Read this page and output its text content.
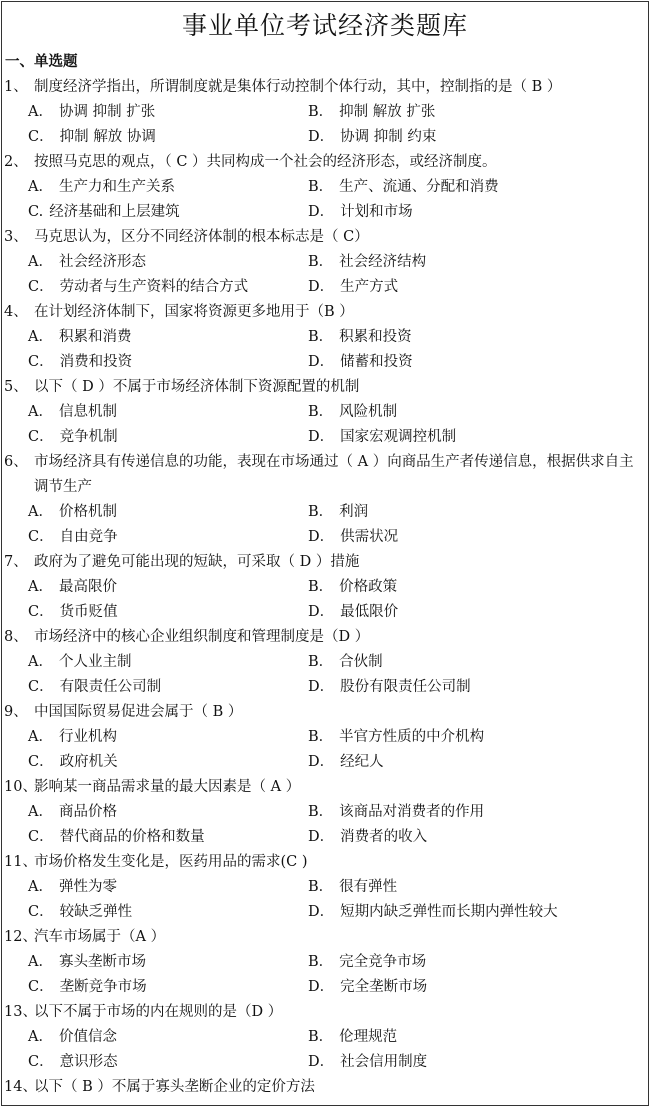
事业单位考试经济类题库
一、单选题
1、 制度经济学指出，所谓制度就是集体行动控制个体行动，其中，控制指的是（ B ）
A． 协调 抑制 扩张	B． 抑制 解放 扩张
C． 抑制 解放 协调	D． 协调 抑制 约束
2、 按照马克思的观点，（ C ）共同构成一个社会的经济形态，或经济制度。
A． 生产力和生产关系	B． 生产、流通、分配和消费
C. 经济基础和上层建筑	D． 计划和市场
3、 马克思认为，区分不同经济体制的根本标志是（ C）
A． 社会经济形态	B． 社会经济结构
C． 劳动者与生产资料的结合方式	D． 生产方式
4、 在计划经济体制下，国家将资源更多地用于（B ）
A． 积累和消费	B． 积累和投资
C． 消费和投资	D． 储蓄和投资
5、 以下（ D ）不属于市场经济体制下资源配置的机制
A． 信息机制	B． 风险机制
C． 竞争机制	D． 国家宏观调控机制
6、 市场经济具有传递信息的功能，表现在市场通过（ A ）向商品生产者传递信息，根据供求自主调节生产
A． 价格机制	B． 利润
C． 自由竞争	D． 供需状况
7、 政府为了避免可能出现的短缺，可采取（ D ）措施
A． 最高限价	B． 价格政策
C． 货币贬值	D． 最低限价
8、 市场经济中的核心企业组织制度和管理制度是（D ）
A． 个人业主制	B． 合伙制
C． 有限责任公司制	D． 股份有限责任公司制
9、 中国国际贸易促进会属于（ B ）
A． 行业机构	B． 半官方性质的中介机构
C． 政府机关	D． 经纪人
10、
影响某一商品需求量的最大因素是（ A ）
A． 商品价格	B． 该商品对消费者的作用
C． 替代商品的价格和数量	D． 消费者的收入
11、
市场价格发生变化是，医药用品的需求(C )
A． 弹性为零	B． 很有弹性
C． 较缺乏弹性	D． 短期内缺乏弹性而长期内弹性较大
12、
汽车市场属于（A ）
A． 寡头垄断市场	B． 完全竞争市场
C． 垄断竞争市场	D． 完全垄断市场
13、
以下不属于市场的内在规则的是（D ）
A． 价值信念	B． 伦理规范
C． 意识形态	D． 社会信用制度
14、
以下（ B ）不属于寡头垄断企业的定价方法
